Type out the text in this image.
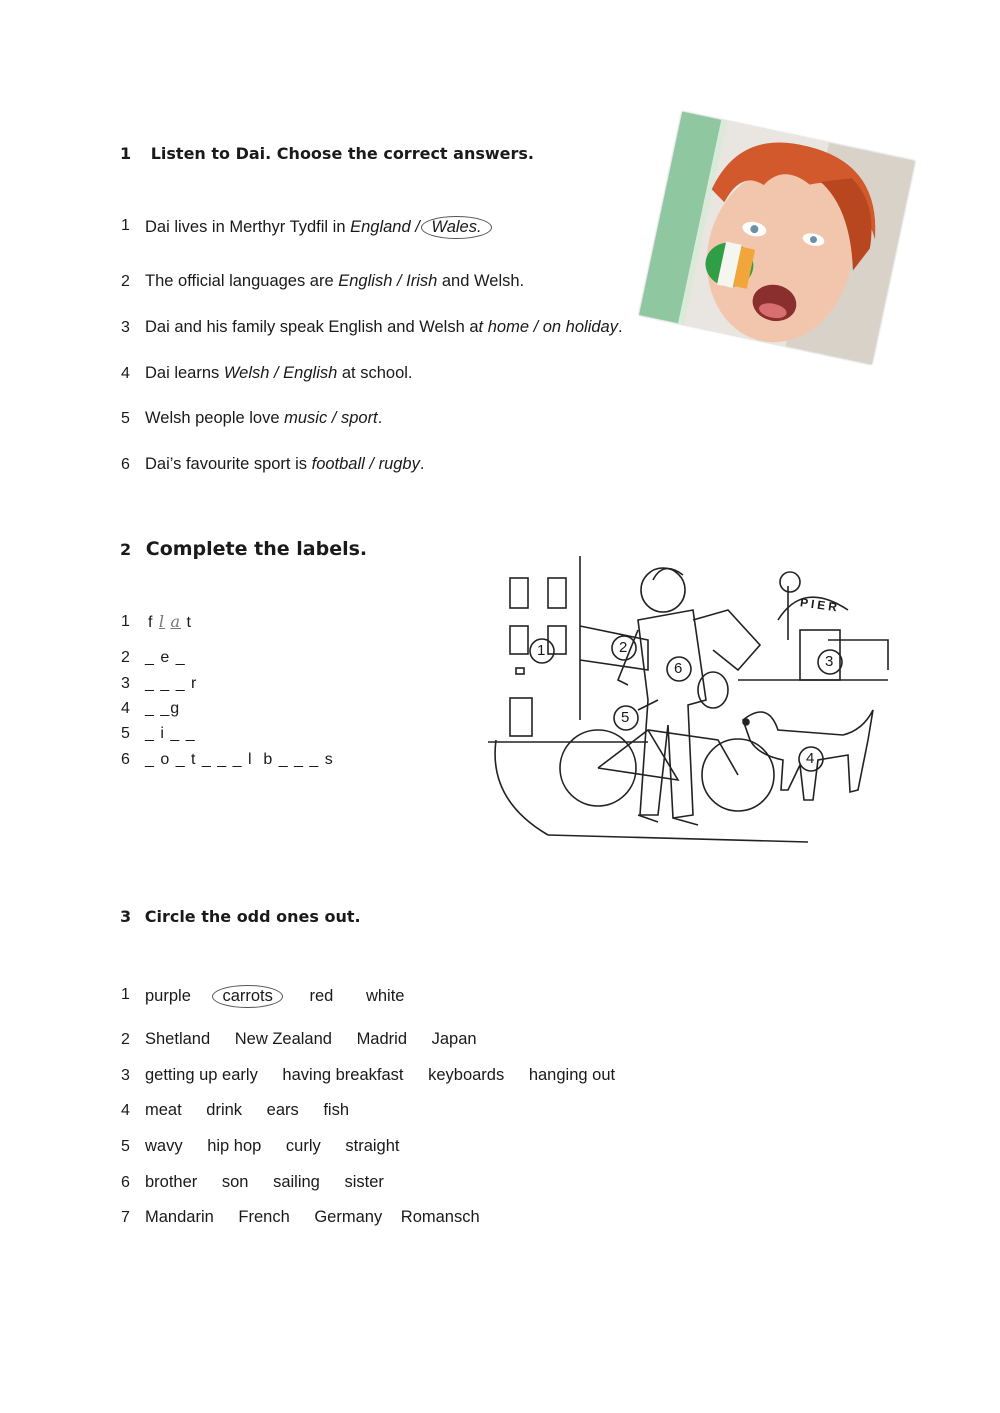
1 Listen to Dai. Choose the correct answers.
1 Dai lives in Merthyr Tydfil in England / Wales.
2 The official languages are English / Irish and Welsh.
3 Dai and his family speak English and Welsh at home / on holiday.
4 Dai learns Welsh / English at school.
5 Welsh people love music / sport.
6 Dai’s favourite sport is football / rugby.
2 Complete the labels.
1 f l a t
2 _ e _
3 _ _ _ r
4 _ _g
5 _ i _ _
6 _ o _ t _ _ _ l  b _ _ _ s
1	2
3
4
5
6
PIER
3 Circle the odd ones out.
1 purple carrots red white
2 Shetland New Zealand Madrid Japan
3 getting up early having breakfast keyboards hanging out
4 meat drink ears fish
5 wavy hip hop curly straight
6 brother son sailing sister
7 Mandarin French Germany Romansch
